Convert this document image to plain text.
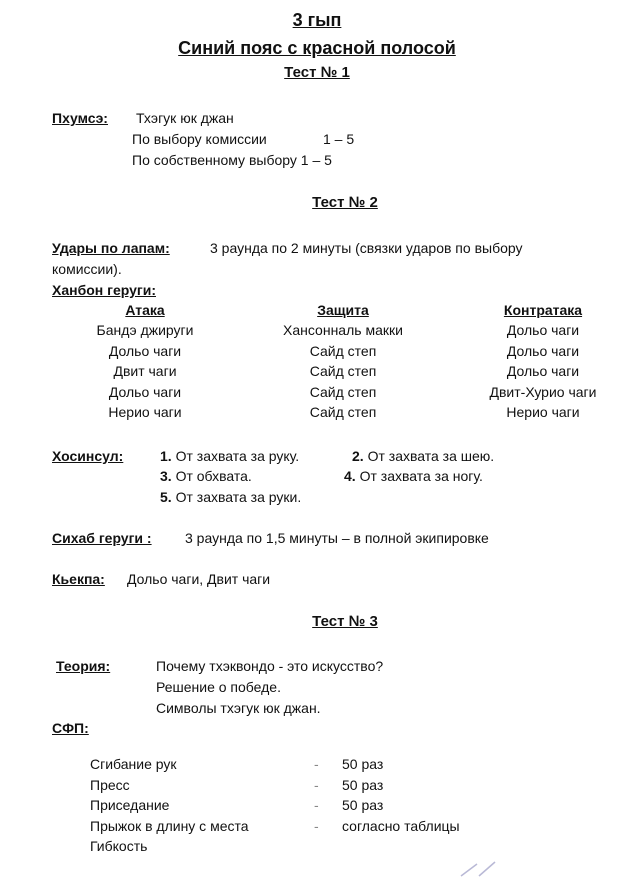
3 гып
Синий пояс с красной полосой
Тест № 1
Пхумсэ: Тхэгук юк джан
По выбору комиссии	1 – 5
По собственному выбору 1 – 5
Тест № 2
Удары по лапам:	3 раунда по 2 минуты (связки ударов по выбору
комиссии).
Ханбон геруги:
Атака	Защита	Контратака
Бандэ джируги	Хансонналь макки	Дольо чаги
Дольо чаги	Сайд степ	Дольо чаги
Двит чаги	Сайд степ	Дольо чаги
Дольо чаги	Сайд степ	Двит-Хурио чаги
Нерио чаги	Сайд степ	Нерио чаги
Хосинсул:	1. От захвата за руку.	2. От захвата за шею.
3. От обхвата.	4. От захвата за ногу.
5. От захвата за руки.
Сихаб геруги : 3 раунда по 1,5 минуты – в полной экипировке
Кьекпа: Дольо чаги, Двит чаги
Тест № 3
Теория:	Почему тхэквондо - это искусство?
Решение о победе.
Символы тхэгук юк джан.
СФП:
Сгибание рук	- 50 раз
Пресс	- 50 раз
Приседание	- 50 раз
Прыжок в длину с места	- согласно таблицы
Гибкость
